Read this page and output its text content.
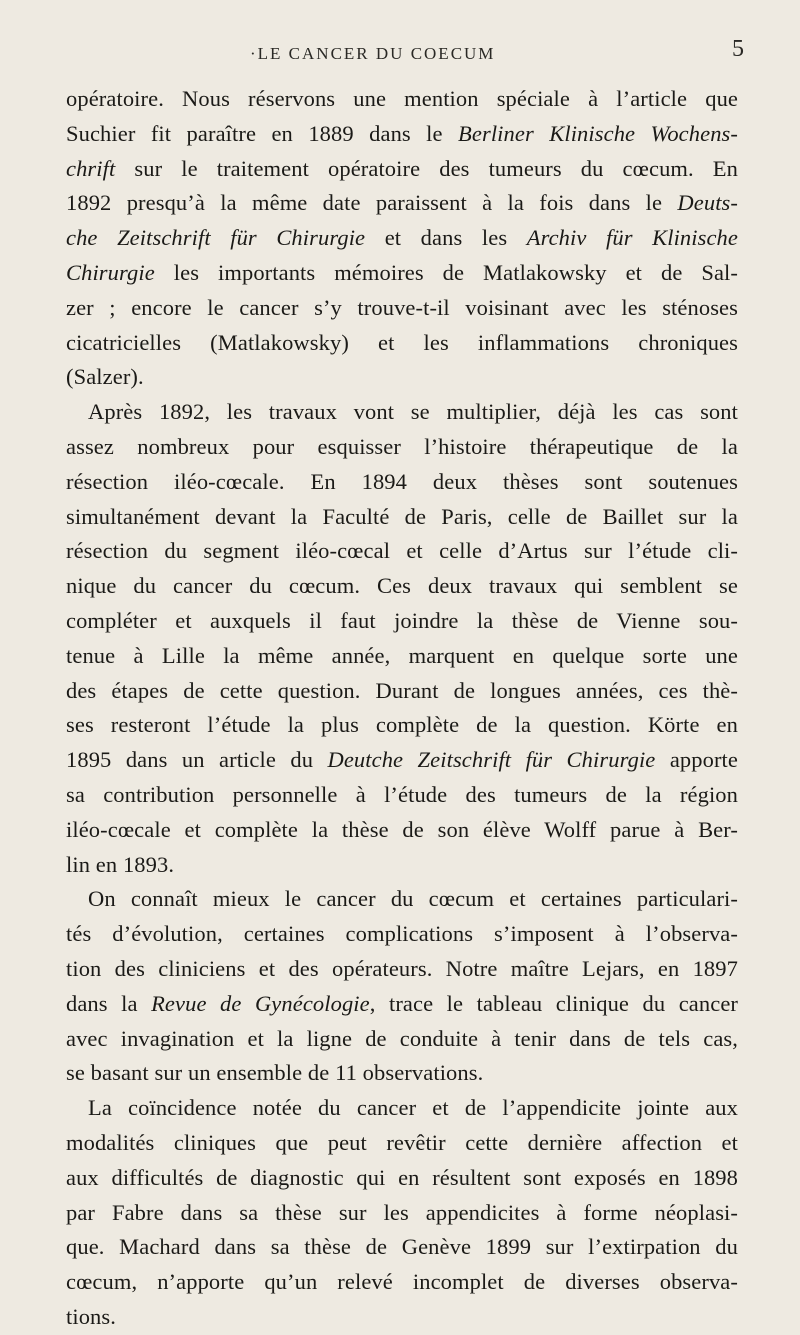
·LE CANCER DU COECUM	5
opératoire. Nous réservons une mention spéciale à l’article que
Suchier fit paraître en 1889 dans le Berliner Klinische Wochens-
chrift sur le traitement opératoire des tumeurs du cœcum. En
1892 presqu’à la même date paraissent à la fois dans le Deuts-
che Zeitschrift für Chirurgie et dans les Archiv für Klinische
Chirurgie les importants mémoires de Matlakowsky et de Sal-
zer ; encore le cancer s’y trouve-t-il voisinant avec les sténoses
cicatricielles (Matlakowsky) et les inflammations chroniques
(Salzer).
Après 1892, les travaux vont se multiplier, déjà les cas sont
assez nombreux pour esquisser l’histoire thérapeutique de la
résection iléo-cœcale. En 1894 deux thèses sont soutenues
simultanément devant la Faculté de Paris, celle de Baillet sur la
résection du segment iléo-cœcal et celle d’Artus sur l’étude cli-
nique du cancer du cœcum. Ces deux travaux qui semblent se
compléter et auxquels il faut joindre la thèse de Vienne sou-
tenue à Lille la même année, marquent en quelque sorte une
des étapes de cette question. Durant de longues années, ces thè-
ses resteront l’étude la plus complète de la question. Körte en
1895 dans un article du Deutche Zeitschrift für Chirurgie apporte
sa contribution personnelle à l’étude des tumeurs de la région
iléo-cœcale et complète la thèse de son élève Wolff parue à Ber-
lin en 1893.
On connaît mieux le cancer du cœcum et certaines particulari-
tés d’évolution, certaines complications s’imposent à l’observa-
tion des cliniciens et des opérateurs. Notre maître Lejars, en 1897
dans la Revue de Gynécologie, trace le tableau clinique du cancer
avec invagination et la ligne de conduite à tenir dans de tels cas,
se basant sur un ensemble de 11 observations.
La coïncidence notée du cancer et de l’appendicite jointe aux
modalités cliniques que peut revêtir cette dernière affection et
aux difficultés de diagnostic qui en résultent sont exposés en 1898
par Fabre dans sa thèse sur les appendicites à forme néoplasi-
que. Machard dans sa thèse de Genève 1899 sur l’extirpation du
cœcum, n’apporte qu’un relevé incomplet de diverses observa-
tions.
